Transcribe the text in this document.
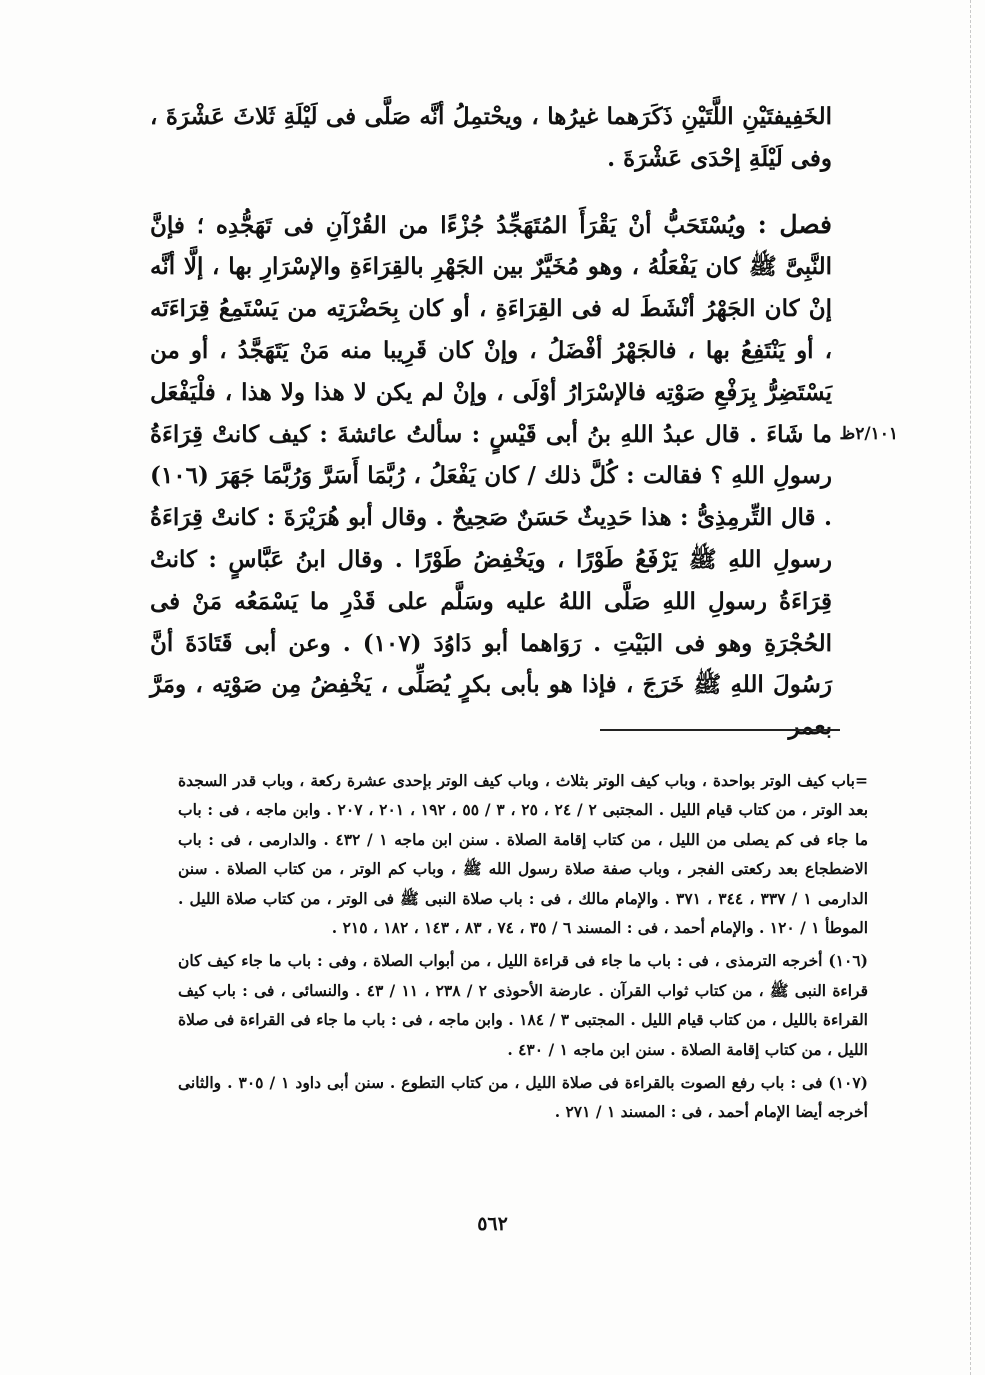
الخَفِيفتَيْنِ اللَّتَيْنِ ذَكَرَهما غيرُها ، ويحْتمِلُ أنَّه صَلَّى فى لَيْلَةِ ثَلاثَ عَشْرَةَ ، وفى لَيْلَةِ إحْدَى عَشْرَةَ .

فصل : ويُسْتَحَبُّ أنْ يَقْرَأَ المُتَهَجِّدُ جُزْءًا من القُرْآنِ فى تَهَجُّدِه ؛ فإنَّ النَّبِىَّ ﷺ كان يَفْعَلُهُ ، وهو مُخَيَّرٌ بين الجَهْرِ بالقِرَاءَةِ والإسْرَارِ بها ، إلَّا أنَّه إنْ كان الجَهْرُ أنْشَطَ له فى القِرَاءَةِ ، أو كان بِحَضْرَتِه من يَسْتَمِعُ قِرَاءَتَه ، أو يَنْتَفِعُ بها ، فالجَهْرُ أفْضَلُ ، وإنْ كان قَرِيبا منه مَنْ يَتَهَجَّدُ ، أو من يَسْتَضِرُّ بِرَفْعِ صَوْتِه فالإسْرَارُ أوْلَى ، وإنْ لم يكن لا هذا ولا هذا ، فلْيَفْعَل ما شَاءَ . قال عبدُ اللهِ بنُ أبى قَيْسٍ : سألتُ عائشةَ : كيف كانتْ قِرَاءَةُ رسولِ اللهِ ؟ فقالت : كُلَّ ذلك / كان يَفْعَلُ ، رُبَّمَا أَسَرَّ وَرُبَّمَا جَهَرَ (١٠٦) . قال التِّرمِذِىُّ : هذا حَدِيثٌ حَسَنٌ صَحِيحٌ . وقال أبو هُرَيْرَةَ : كانتْ قِرَاءَةُ رسولِ اللهِ ﷺ يَرْفَعُ طَوْرًا ، ويَخْفِضُ طَوْرًا . وقال ابنُ عَبَّاسٍ : كانتْ قِرَاءَةُ رسولِ اللهِ صَلَّى اللهُ عليه وسَلَّم على قَدْرِ ما يَسْمَعُه مَنْ فى الحُجْرَةِ وهو فى البَيْتِ . رَوَاهما أبو دَاوُدَ (١٠٧) . وعن أبى قَتَادَةَ أنَّ رَسُولَ اللهِ ﷺ خَرَجَ ، فإذا هو بأبى بكرٍ يُصَلِّى ، يَخْفِضُ مِن صَوْتِه ، ومَرَّ بعمر

٢/١٠١ظ

=باب كيف الوتر بواحدة ، وباب كيف الوتر بثلاث ، وباب كيف الوتر بإحدى عشرة ركعة ، وباب قدر السجدة بعد الوتر ، من كتاب قيام الليل . المجتبى ٢ / ٢٤ ، ٢٥ ، ٣ / ٥٥ ، ١٩٢ ، ٢٠١ ، ٢٠٧ . وابن ماجه ، فى : باب ما جاء فى كم يصلى من الليل ، من كتاب إقامة الصلاة . سنن ابن ماجه ١ / ٤٣٢ . والدارمى ، فى : باب الاضطجاع بعد ركعتى الفجر ، وباب صفة صلاة رسول الله ﷺ ، وباب كم الوتر ، من كتاب الصلاة . سنن الدارمى ١ / ٣٣٧ ، ٣٤٤ ، ٣٧١ . والإمام مالك ، فى : باب صلاة النبى ﷺ فى الوتر ، من كتاب صلاة الليل . الموطأ ١ / ١٢٠ . والإمام أحمد ، فى : المسند ٦ / ٣٥ ، ٧٤ ، ٨٣ ، ١٤٣ ، ١٨٢ ، ٢١٥ .

(١٠٦) أخرجه الترمذى ، فى : باب ما جاء فى قراءة الليل ، من أبواب الصلاة ، وفى : باب ما جاء كيف كان قراءة النبى ﷺ ، من كتاب ثواب القرآن . عارضة الأحوذى ٢ / ٢٣٨ ، ١١ / ٤٣ . والنسائى ، فى : باب كيف القراءة بالليل ، من كتاب قيام الليل . المجتبى ٣ / ١٨٤ . وابن ماجه ، فى : باب ما جاء فى القراءة فى صلاة الليل ، من كتاب إقامة الصلاة . سنن ابن ماجه ١ / ٤٣٠ .

(١٠٧) فى : باب رفع الصوت بالقراءة فى صلاة الليل ، من كتاب التطوع . سنن أبى داود ١ / ٣٠٥ . والثانى أخرجه أيضا الإمام أحمد ، فى : المسند ١ / ٢٧١ .

٥٦٢
